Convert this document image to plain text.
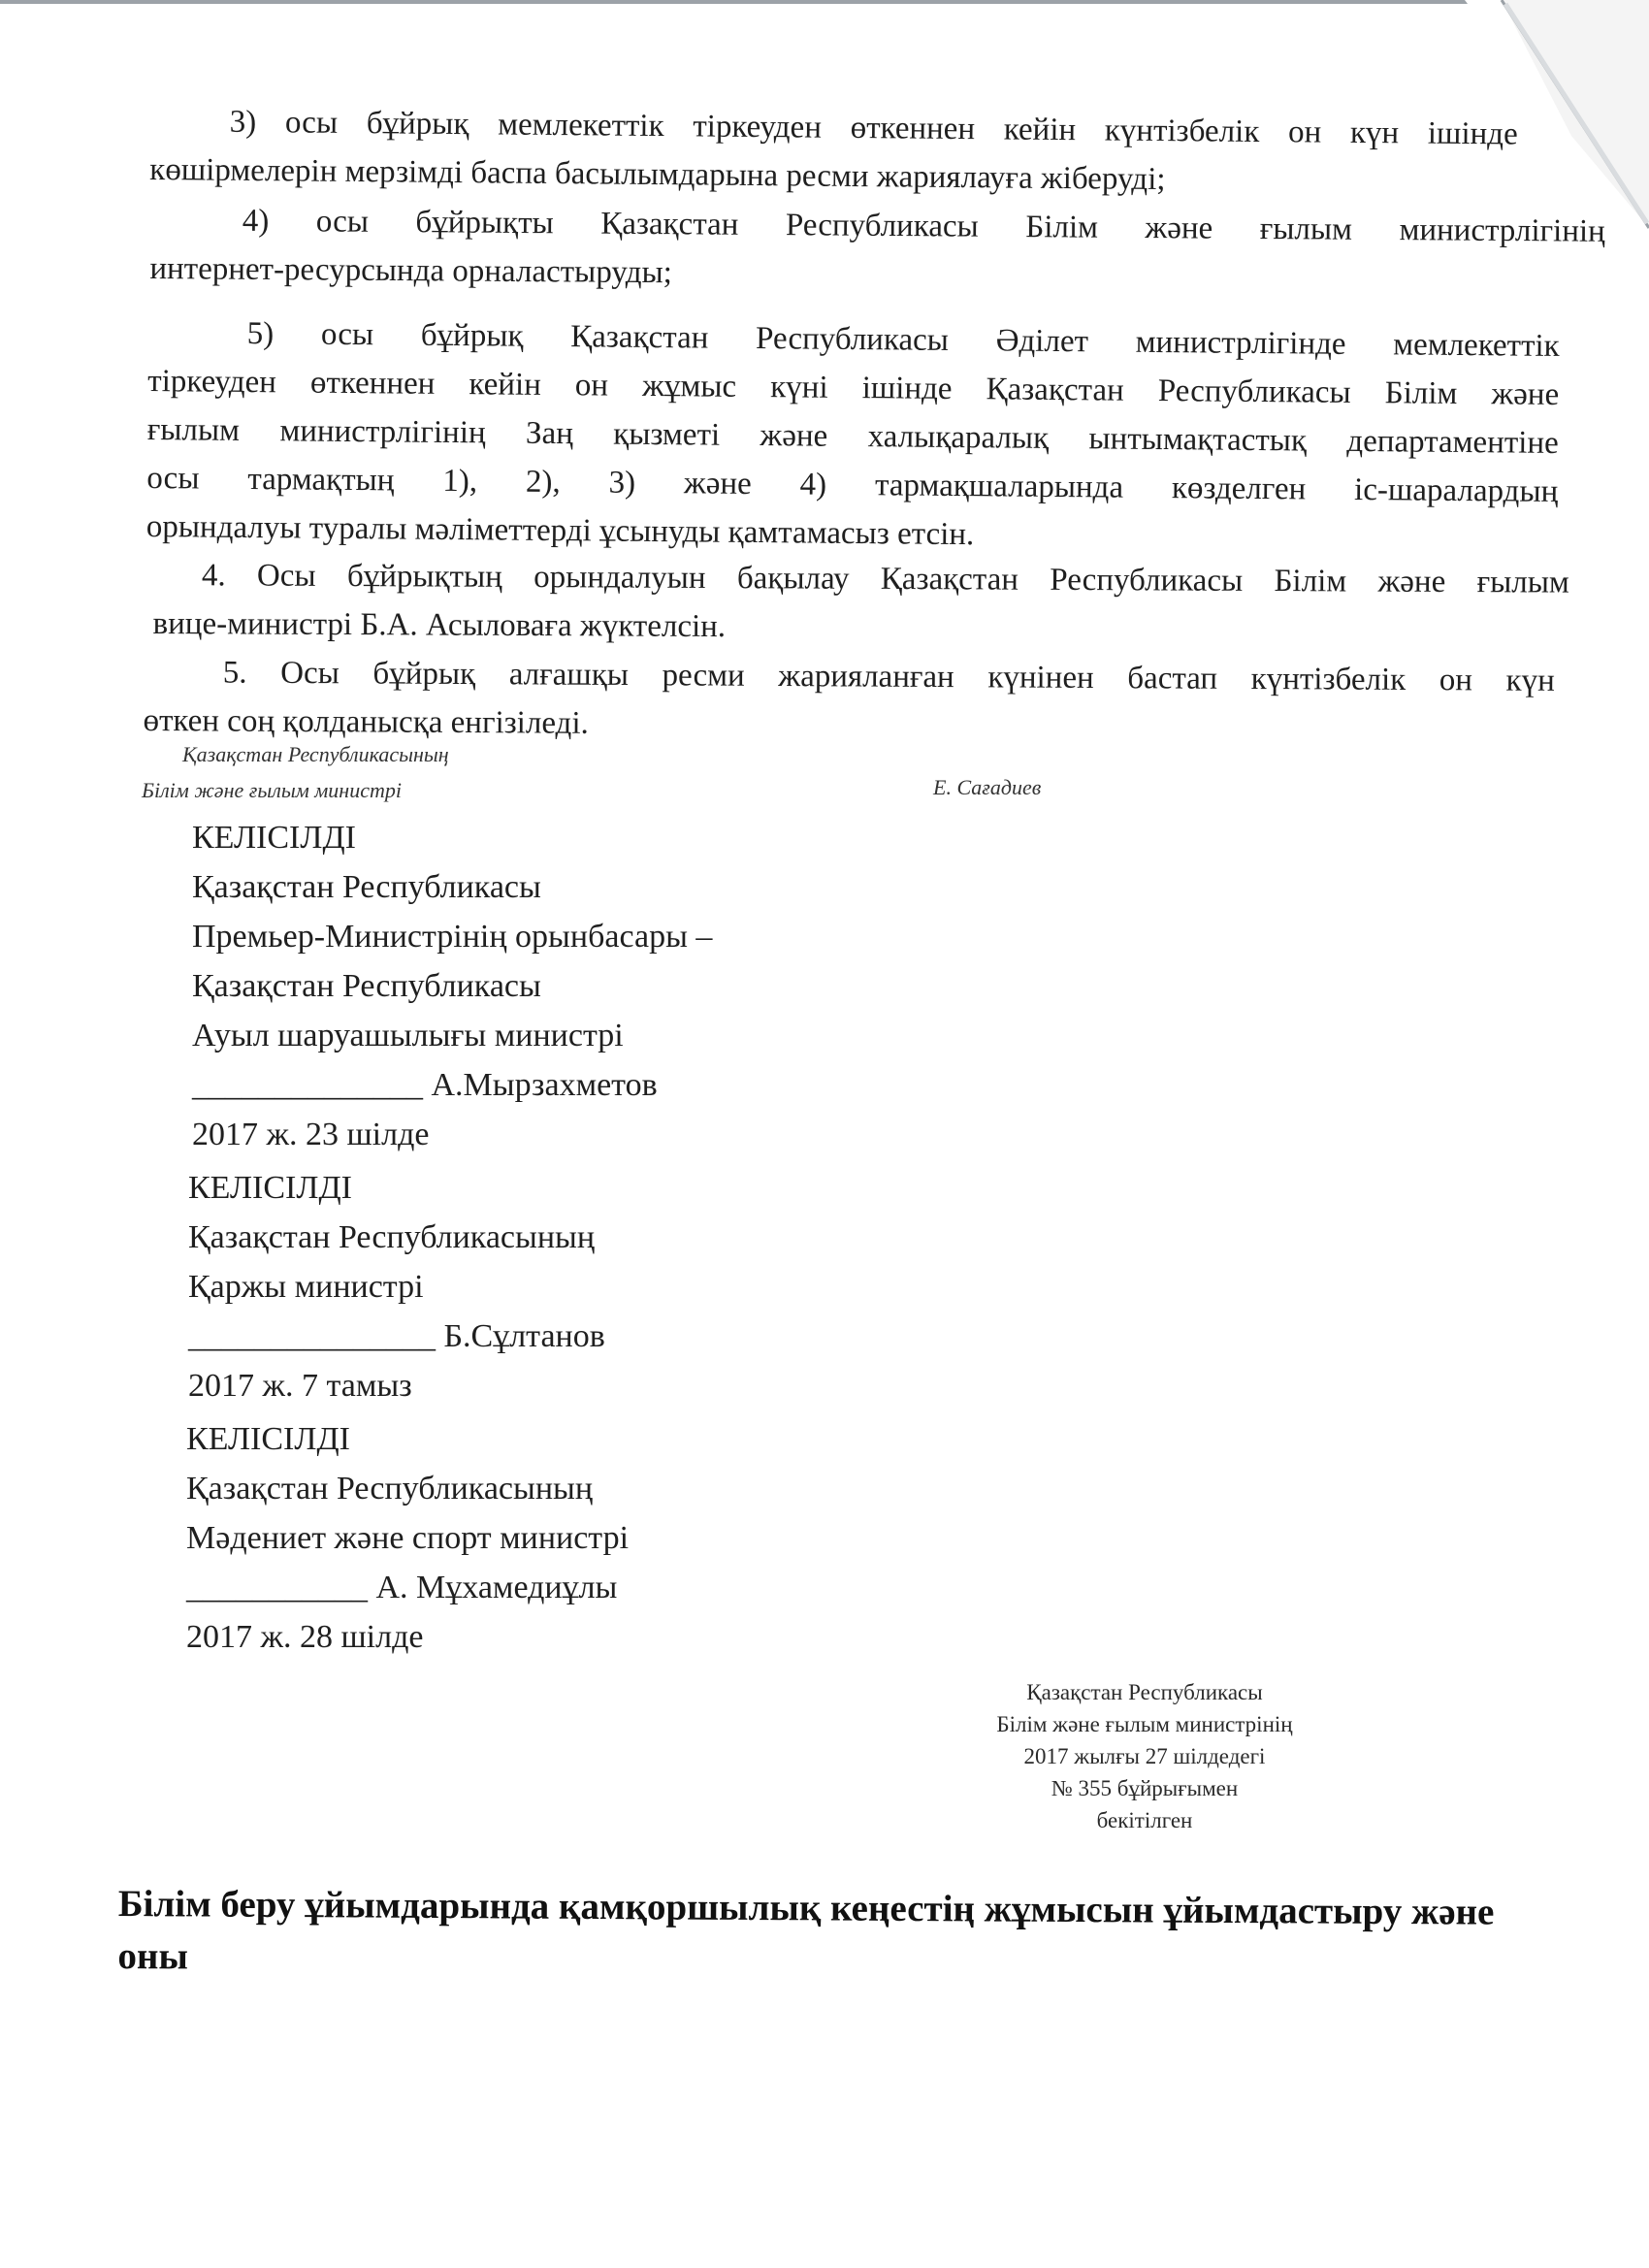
3) осы бұйрық мемлекеттік тіркеуден өткеннен кейін күнтізбелік он күн ішінде
көшірмелерін мерзімді баспа басылымдарына ресми жариялауға жіберуді;
4) осы бұйрықты Қазақстан Республикасы Білім және ғылым министрлігінің
интернет-ресурсында орналастыруды;
5) осы бұйрық Қазақстан Республикасы Әділет министрлігінде мемлекеттік
тіркеуден өткеннен кейін он жұмыс күні ішінде Қазақстан Республикасы Білім және
ғылым министрлігінің Заң қызметі және халықаралық ынтымақтастық департаментіне
осы тармақтың 1), 2), 3) және 4) тармақшаларында көзделген іс-шаралардың
орындалуы туралы мәліметтерді ұсынуды қамтамасыз етсін.
4. Осы бұйрықтың орындалуын бақылау Қазақстан Республикасы Білім және ғылым
вице-министрі Б.А. Асыловаға жүктелсін.
5. Осы бұйрық алғашқы ресми жарияланған күнінен бастап күнтізбелік он күн
өткен соң қолданысқа енгізіледі.
Қазақстан Республикасының
Білім және ғылым министрі	Е. Сағадиев
КЕЛІСІЛДІ
Қазақстан Республикасы
Премьер-Министрінің орынбасары –
Қазақстан Республикасы
Ауыл шаруашылығы министрі
______________ А.Мырзахметов
2017 ж. 23 шілде
КЕЛІСІЛДІ
Қазақстан Республикасының
Қаржы министрі
_______________ Б.Сұлтанов
2017 ж. 7 тамыз
КЕЛІСІЛДІ
Қазақстан Республикасының
Мәдениет және спорт министрі
___________ А. Мұхамедиұлы
2017 ж. 28 шілде
Қазақстан Республикасы
Білім және ғылым министрінің
2017 жылғы 27 шілдедегі
№ 355 бұйрығымен
бекітілген
Білім беру ұйымдарында қамқоршылық кеңестің жұмысын ұйымдастыру және
оны
